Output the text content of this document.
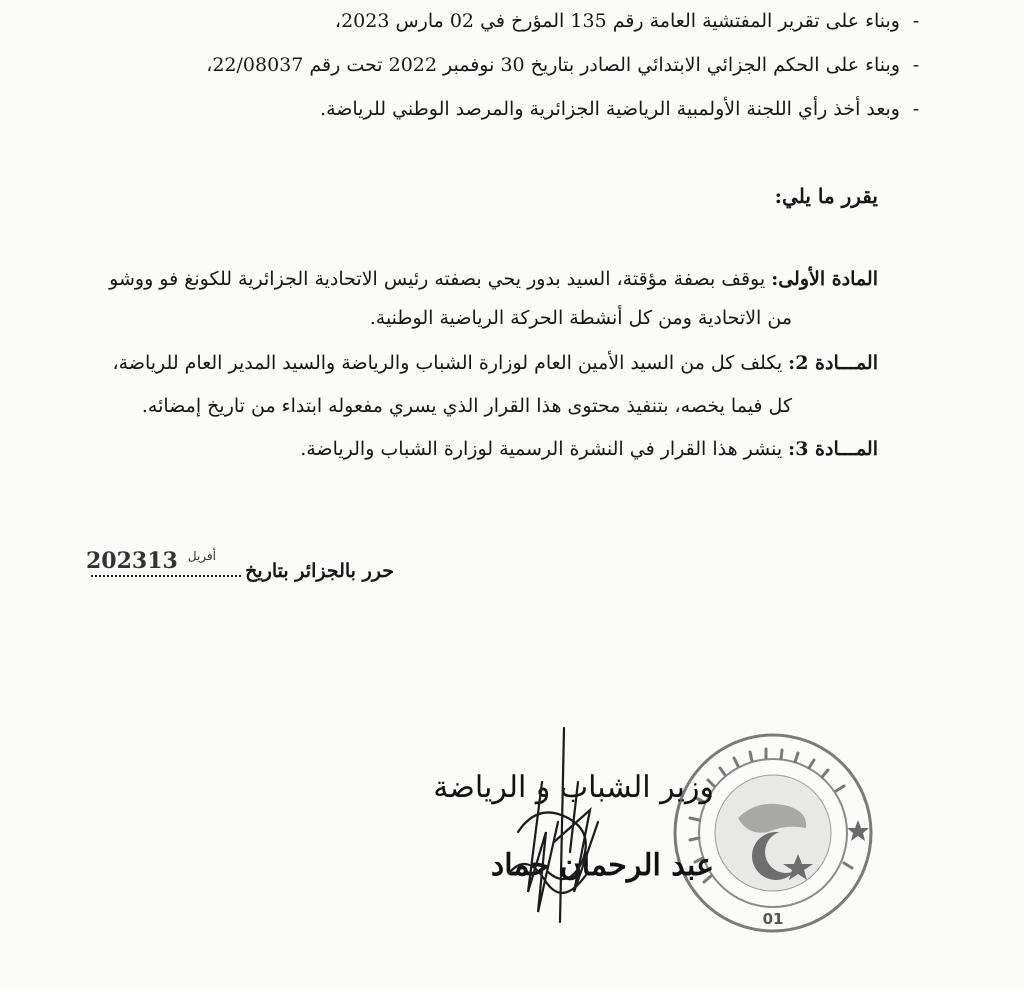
-وبناء على تقرير المفتشية العامة رقم 135 المؤرخ في 02 مارس 2023،
-وبناء على الحكم الجزائي الابتدائي الصادر بتاريخ 30 نوفمبر 2022 تحت رقم 22/08037،
-وبعد أخذ رأي اللجنة الأولمبية الرياضية الجزائرية والمرصد الوطني للرياضة.
يقرر ما يلي:
المادة الأولى: يوقف بصفة مؤقتة، السيد بدور يحي بصفته رئيس الاتحادية الجزائرية للكونغ فو ووشو
من الاتحادية ومن كل أنشطة الحركة الرياضية الوطنية.
المـــادة 2: يكلف كل من السيد الأمين العام لوزارة الشباب والرياضة والسيد المدير العام للرياضة،
كل فيما يخصه، بتنفيذ محتوى هذا القرار الذي يسري مفعوله ابتداء من تاريخ إمضائه.
المـــادة 3: ينشر هذا القرار في النشرة الرسمية لوزارة الشباب والرياضة.
حرر بالجزائر بتاريخ
2023	$^{أفريل}$13
01
وزير الشباب و الرياضة
عبد الرحمان حماد
